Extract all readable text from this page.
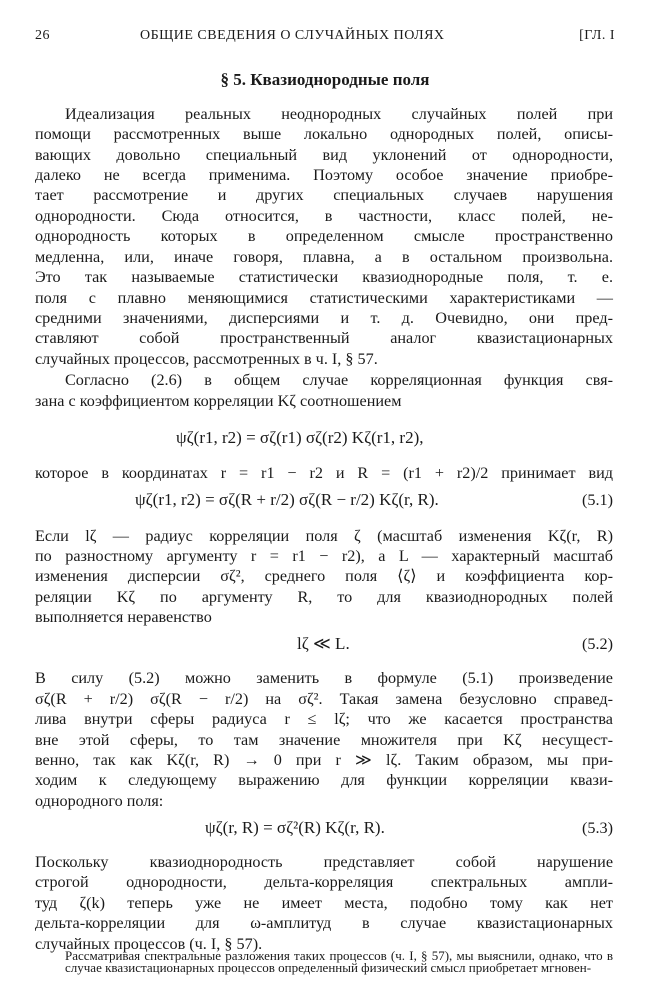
26	ОБЩИЕ СВЕДЕНИЯ О СЛУЧАЙНЫХ ПОЛЯХ	[ГЛ. I
§ 5. Квазиоднородные поля
Идеализация реальных неоднородных случайных полей при
помощи рассмотренных выше локально однородных полей, описы-
вающих довольно специальный вид уклонений от однородности,
далеко не всегда применима. Поэтому особое значение приобре-
тает рассмотрение и других специальных случаев нарушения
однородности. Сюда относится, в частности, класс полей, не-
однородность которых в определенном смысле пространственно
медленна, или, иначе говоря, плавна, а в остальном произвольна.
Это так называемые статистически квазиоднородные поля, т. е.
поля с плавно меняющимися статистическими характеристиками —
средними значениями, дисперсиями и т. д. Очевидно, они пред-
ставляют собой пространственный аналог квазистационарных
случайных процессов, рассмотренных в ч. I, § 57.
Согласно (2.6) в общем случае корреляционная функция свя-
зана с коэффициентом корреляции Kζ соотношением
ψζ(r1, r2) = σζ(r1) σζ(r2) Kζ(r1, r2),
которое в координатах r = r1 − r2 и R = (r1 + r2)/2 принимает вид
ψζ(r1, r2) = σζ(R + r/2) σζ(R − r/2) Kζ(r, R).	(5.1)
Если lζ — радиус корреляции поля ζ (масштаб изменения Kζ(r, R)
по разностному аргументу r = r1 − r2), а L — характерный масштаб
изменения дисперсии σζ², среднего поля ⟨ζ⟩ и коэффициента кор-
реляции Kζ по аргументу R, то для квазиоднородных полей
выполняется неравенство
lζ ≪ L.	(5.2)
В силу (5.2) можно заменить в формуле (5.1) произведение
σζ(R + r/2) σζ(R − r/2) на σζ². Такая замена безусловно справед-
лива внутри сферы радиуса r ≤ lζ; что же касается пространства
вне этой сферы, то там значение множителя при Kζ несущест-
венно, так как Kζ(r, R) → 0 при r ≫ lζ. Таким образом, мы при-
ходим к следующему выражению для функции корреляции квази-
однородного поля:
ψζ(r, R) = σζ²(R) Kζ(r, R).	(5.3)
Поскольку квазиоднородность представляет собой нарушение
строгой однородности, дельта-корреляция спектральных ампли-
туд ζ(k) теперь уже не имеет места, подобно тому как нет
дельта-корреляции для ω-амплитуд в случае квазистационарных
случайных процессов (ч. I, § 57).
Рассматривая спектральные разложения таких процессов (ч. I, § 57), мы выяснили, однако, что в случае квазистационарных процессов определенный физический смысл приобретает мгновен-
